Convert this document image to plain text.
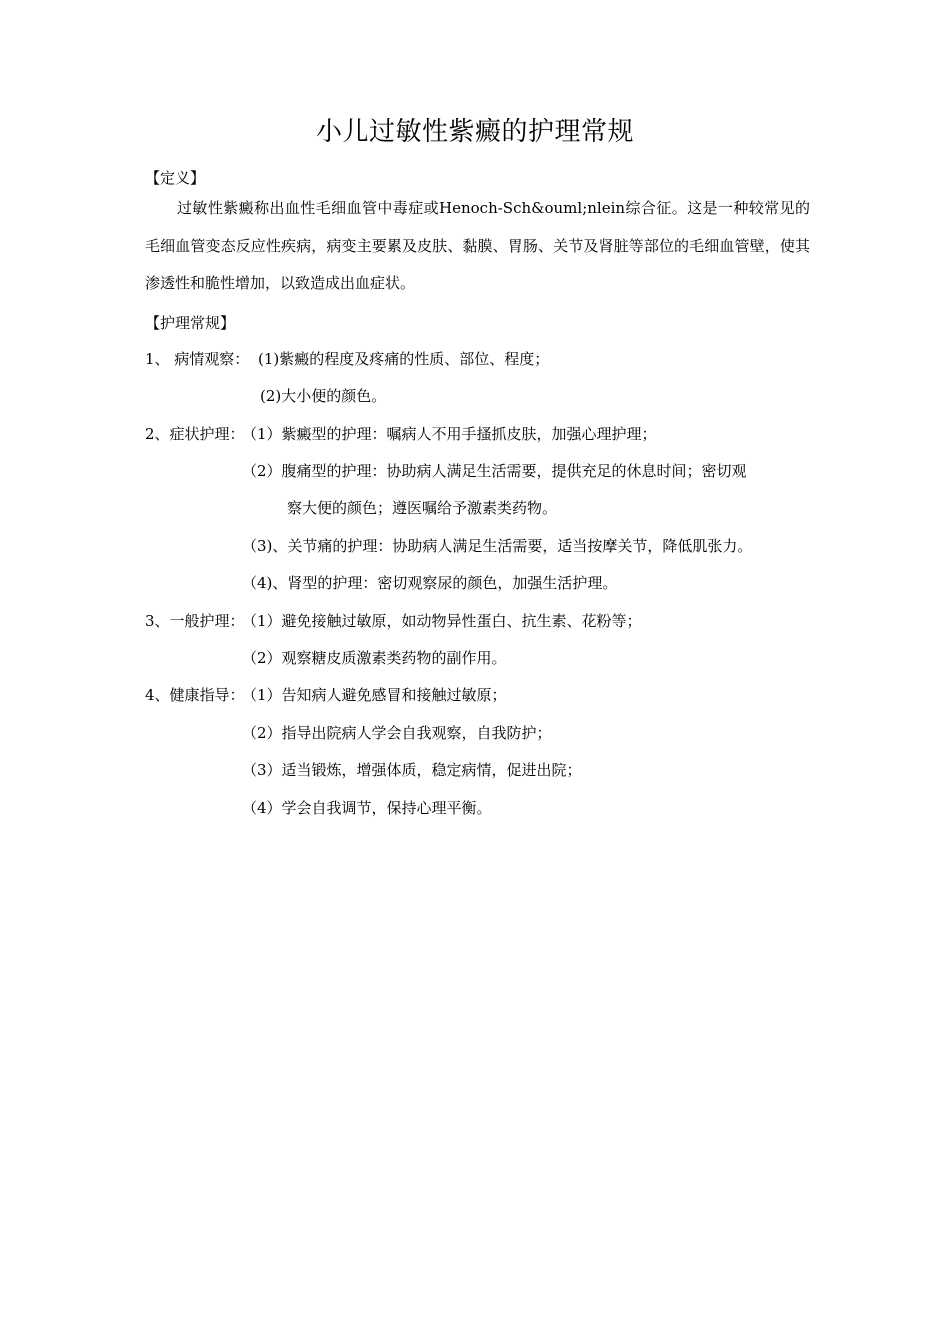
小儿过敏性紫癜的护理常规
【定义】
过敏性紫癜称出血性毛细血管中毒症或Henoch-Sch&ouml;nlein综合征。这是一种较常见的毛细血管变态反应性疾病，病变主要累及皮肤、黏膜、胃肠、关节及肾脏等部位的毛细血管壁，使其渗透性和脆性增加，以致造成出血症状。
【护理常规】
1、 病情观察： (1)紫癜的程度及疼痛的性质、部位、程度；
(2)大小便的颜色。
2、症状护理：
（1）紫癜型的护理：嘱病人不用手搔抓皮肤，加强心理护理；
（2）腹痛型的护理：协助病人满足生活需要，提供充足的休息时间；密切观
察大便的颜色；遵医嘱给予激素类药物。
（3)、关节痛的护理：协助病人满足生活需要，适当按摩关节，降低肌张力。
（4)、肾型的护理：密切观察尿的颜色，加强生活护理。
3、一般护理：
（1）避免接触过敏原，如动物异性蛋白、抗生素、花粉等；
（2）观察糖皮质激素类药物的副作用。
4、健康指导：
（1）告知病人避免感冒和接触过敏原；
（2）指导出院病人学会自我观察，自我防护；
（3）适当锻炼，增强体质，稳定病情，促进出院；
（4）学会自我调节，保持心理平衡。
